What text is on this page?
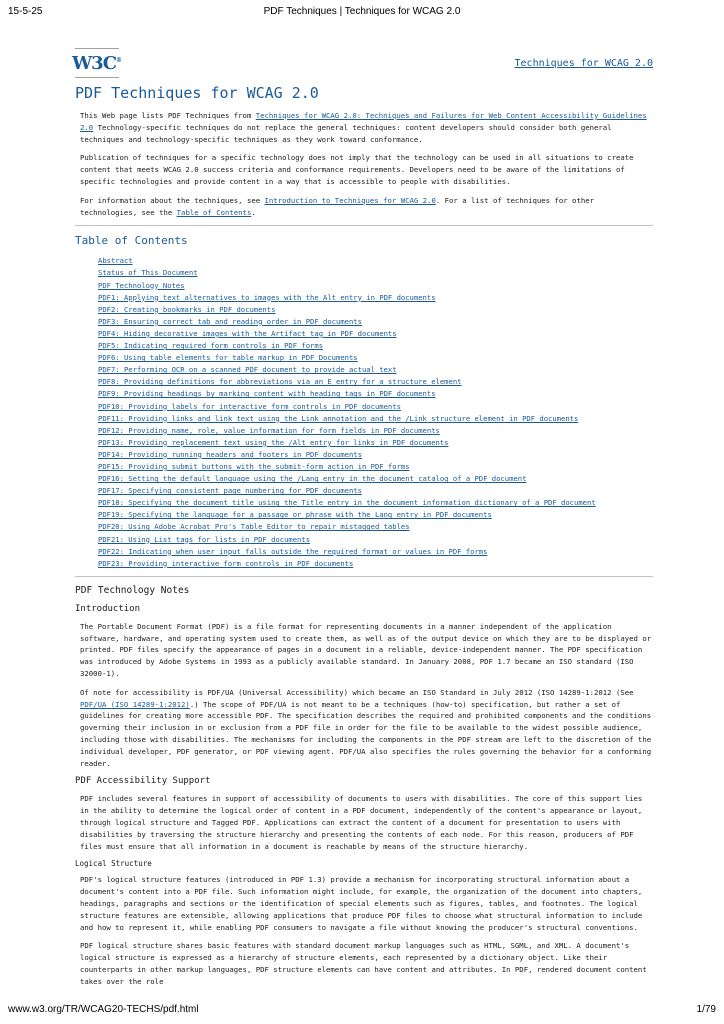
15-5-25	PDF Techniques | Techniques for WCAG 2.0
W3C®	Techniques for WCAG 2.0
PDF Techniques for WCAG 2.0

This Web page lists PDF Techniques from Techniques for WCAG 2.0: Techniques and Failures for Web Content Accessibility Guidelines 2.0 Technology-specific techniques do not replace the general techniques: content developers should consider both general techniques and technology-specific techniques as they work toward conformance.

Publication of techniques for a specific technology does not imply that the technology can be used in all situations to create content that meets WCAG 2.0 success criteria and conformance requirements. Developers need to be aware of the limitations of specific technologies and provide content in a way that is accessible to people with disabilities.

For information about the techniques, see Introduction to Techniques for WCAG 2.0. For a list of techniques for other technologies, see the Table of Contents.

Table of Contents
Abstract
Status of This Document
PDF Technology Notes
PDF1: Applying text alternatives to images with the Alt entry in PDF documents
PDF2: Creating bookmarks in PDF documents
PDF3: Ensuring correct tab and reading order in PDF documents
PDF4: Hiding decorative images with the Artifact tag in PDF documents
PDF5: Indicating required form controls in PDF forms
PDF6: Using table elements for table markup in PDF Documents
PDF7: Performing OCR on a scanned PDF document to provide actual text
PDF8: Providing definitions for abbreviations via an E entry for a structure element
PDF9: Providing headings by marking content with heading tags in PDF documents
PDF10: Providing labels for interactive form controls in PDF documents
PDF11: Providing links and link text using the Link annotation and the /Link structure element in PDF documents
PDF12: Providing name, role, value information for form fields in PDF documents
PDF13: Providing replacement text using the /Alt entry for links in PDF documents
PDF14: Providing running headers and footers in PDF documents
PDF15: Providing submit buttons with the submit-form action in PDF forms
PDF16: Setting the default language using the /Lang entry in the document catalog of a PDF document
PDF17: Specifying consistent page numbering for PDF documents
PDF18: Specifying the document title using the Title entry in the document information dictionary of a PDF document
PDF19: Specifying the language for a passage or phrase with the Lang entry in PDF documents
PDF20: Using Adobe Acrobat Pro's Table Editor to repair mistagged tables
PDF21: Using List tags for lists in PDF documents
PDF22: Indicating when user input falls outside the required format or values in PDF forms
PDF23: Providing interactive form controls in PDF documents
PDF Technology Notes
Introduction

The Portable Document Format (PDF) is a file format for representing documents in a manner independent of the application software, hardware, and operating system used to create them, as well as of the output device on which they are to be displayed or printed. PDF files specify the appearance of pages in a document in a reliable, device-independent manner. The PDF specification was introduced by Adobe Systems in 1993 as a publicly available standard. In January 2008, PDF 1.7 became an ISO standard (ISO 32000-1).

Of note for accessibility is PDF/UA (Universal Accessibility) which became an ISO Standard in July 2012 (ISO 14289-1:2012 (See PDF/UA (ISO 14289-1:2012).) The scope of PDF/UA is not meant to be a techniques (how-to) specification, but rather a set of guidelines for creating more accessible PDF. The specification describes the required and prohibited components and the conditions governing their inclusion in or exclusion from a PDF file in order for the file to be available to the widest possible audience, including those with disabilities. The mechanisms for including the components in the PDF stream are left to the discretion of the individual developer, PDF generator, or PDF viewing agent. PDF/UA also specifies the rules governing the behavior for a conforming reader.

PDF Accessibility Support

PDF includes several features in support of accessibility of documents to users with disabilities. The core of this support lies in the ability to determine the logical order of content in a PDF document, independently of the content's appearance or layout, through logical structure and Tagged PDF. Applications can extract the content of a document for presentation to users with disabilities by traversing the structure hierarchy and presenting the contents of each node. For this reason, producers of PDF files must ensure that all information in a document is reachable by means of the structure hierarchy.

Logical Structure

PDF's logical structure features (introduced in PDF 1.3) provide a mechanism for incorporating structural information about a document's content into a PDF file. Such information might include, for example, the organization of the document into chapters, headings, paragraphs and sections or the identification of special elements such as figures, tables, and footnotes. The logical structure features are extensible, allowing applications that produce PDF files to choose what structural information to include and how to represent it, while enabling PDF consumers to navigate a file without knowing the producer's structural conventions.

PDF logical structure shares basic features with standard document markup languages such as HTML, SGML, and XML. A document's logical structure is expressed as a hierarchy of structure elements, each represented by a dictionary object. Like their counterparts in other markup languages, PDF structure elements can have content and attributes. In PDF, rendered document content takes over the role

www.w3.org/TR/WCAG20-TECHS/pdf.html	1/79
